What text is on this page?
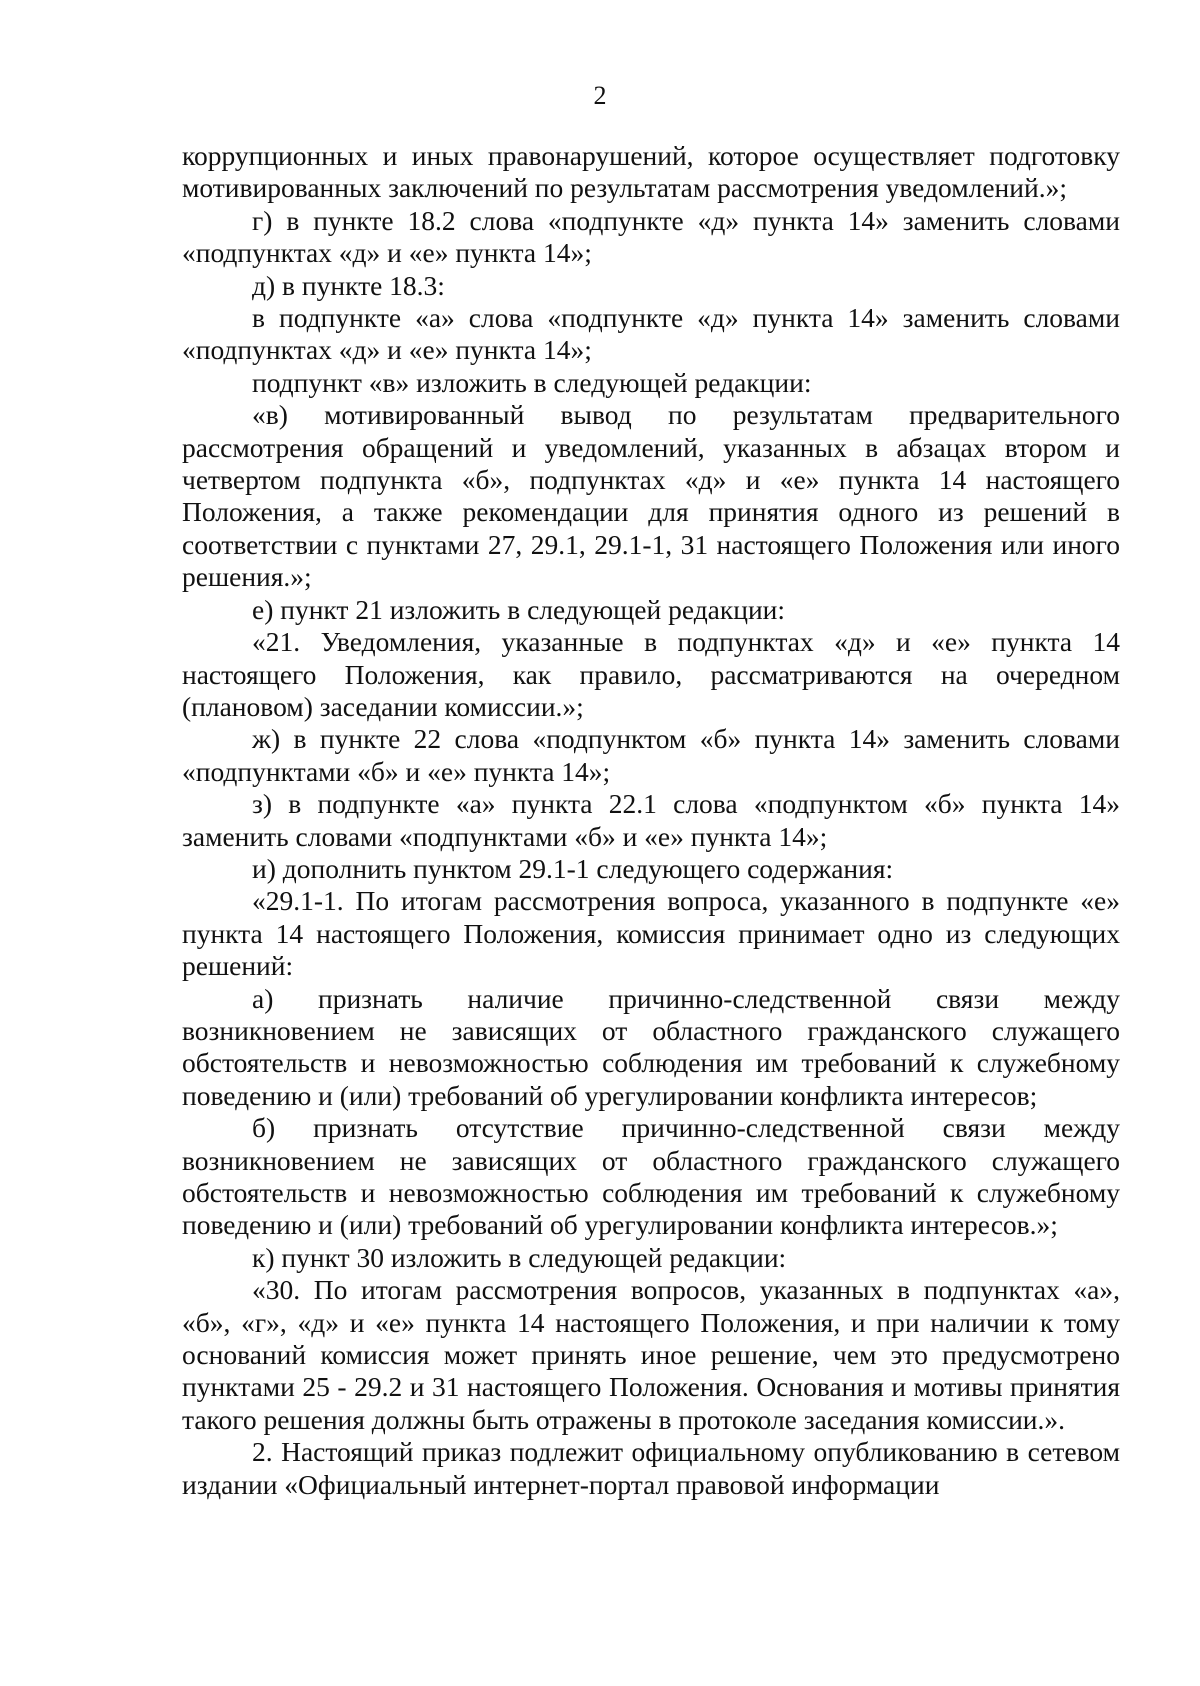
2

коррупционных и иных правонарушений, которое осуществляет подготовку мотивированных заключений по результатам рассмотрения уведомлений.»;

г) в пункте 18.2 слова «подпункте «д» пункта 14» заменить словами «подпунктах «д» и «е» пункта 14»;

д) в пункте 18.3:

в подпункте «а» слова «подпункте «д» пункта 14» заменить словами «подпунктах «д» и «е» пункта 14»;

подпункт «в» изложить в следующей редакции:

«в) мотивированный вывод по результатам предварительного рассмотрения обращений и уведомлений, указанных в абзацах втором и четвертом подпункта «б», подпунктах «д» и «е» пункта 14 настоящего Положения, а также рекомендации для принятия одного из решений в соответствии с пунктами 27, 29.1, 29.1-1, 31 настоящего Положения или иного решения.»;

е) пункт 21 изложить в следующей редакции:

«21. Уведомления, указанные в подпунктах «д» и «е» пункта 14 настоящего Положения, как правило, рассматриваются на очередном (плановом) заседании комиссии.»;

ж) в пункте 22 слова «подпунктом «б» пункта 14» заменить словами «подпунктами «б» и «е» пункта 14»;

з) в подпункте «а» пункта 22.1 слова «подпунктом «б» пункта 14» заменить словами «подпунктами «б» и «е» пункта 14»;

и) дополнить пунктом 29.1-1 следующего содержания:

«29.1-1. По итогам рассмотрения вопроса, указанного в подпункте «е» пункта 14 настоящего Положения, комиссия принимает одно из следующих решений:

а) признать наличие причинно-следственной связи между возникновением не зависящих от областного гражданского служащего обстоятельств и невозможностью соблюдения им требований к служебному поведению и (или) требований об урегулировании конфликта интересов;

б) признать отсутствие причинно-следственной связи между возникновением не зависящих от областного гражданского служащего обстоятельств и невозможностью соблюдения им требований к служебному поведению и (или) требований об урегулировании конфликта интересов.»;

к) пункт 30 изложить в следующей редакции:

«30. По итогам рассмотрения вопросов, указанных в подпунктах «а», «б», «г», «д» и «е» пункта 14 настоящего Положения, и при наличии к тому оснований комиссия может принять иное решение, чем это предусмотрено пунктами 25 - 29.2 и 31 настоящего Положения. Основания и мотивы принятия такого решения должны быть отражены в протоколе заседания комиссии.».

2. Настоящий приказ подлежит официальному опубликованию в сетевом издании «Официальный интернет-портал правовой информации
